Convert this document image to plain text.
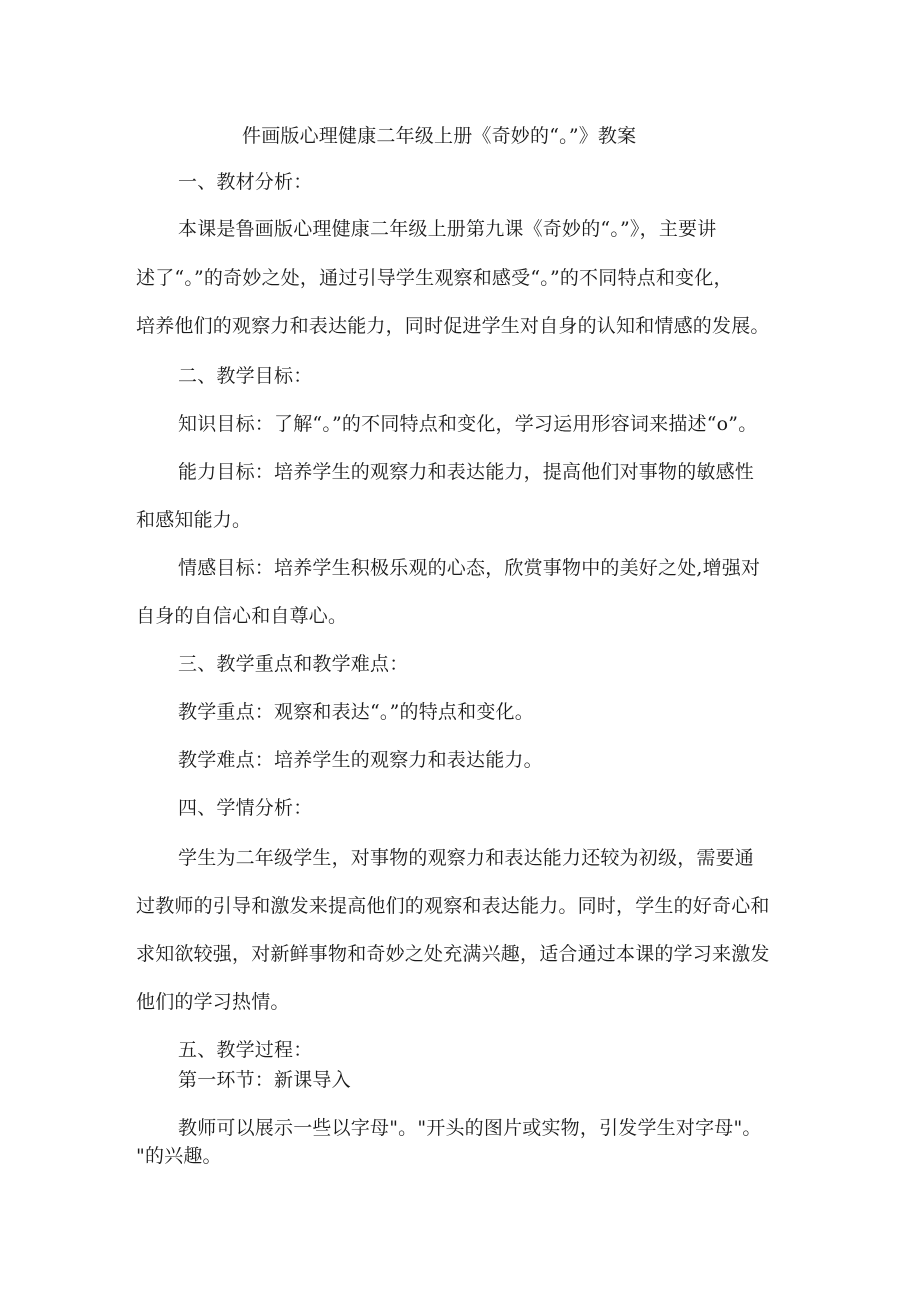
件画版心理健康二年级上册《奇妙的“。”》教案
一、教材分析：
本课是鲁画版心理健康二年级上册第九课《奇妙的“。”》，主要讲
述了“。”的奇妙之处，通过引导学生观察和感受“。”的不同特点和变化，
培养他们的观察力和表达能力，同时促进学生对自身的认知和情感的发展。
二、教学目标：
知识目标：了解“。”的不同特点和变化，学习运用形容词来描述“o”。
能力目标：培养学生的观察力和表达能力，提高他们对事物的敏感性
和感知能力。
情感目标：培养学生积极乐观的心态，欣赏事物中的美好之处,增强对
自身的自信心和自尊心。
三、教学重点和教学难点：
教学重点：观察和表达“。”的特点和变化。
教学难点：培养学生的观察力和表达能力。
四、学情分析：
学生为二年级学生，对事物的观察力和表达能力还较为初级，需要通
过教师的引导和激发来提高他们的观察和表达能力。同时，学生的好奇心和
求知欲较强，对新鲜事物和奇妙之处充满兴趣，适合通过本课的学习来激发
他们的学习热情。
五、教学过程：
第一环节：新课导入
教师可以展示一些以字母"。"开头的图片或实物，引发学生对字母"。
"的兴趣。
